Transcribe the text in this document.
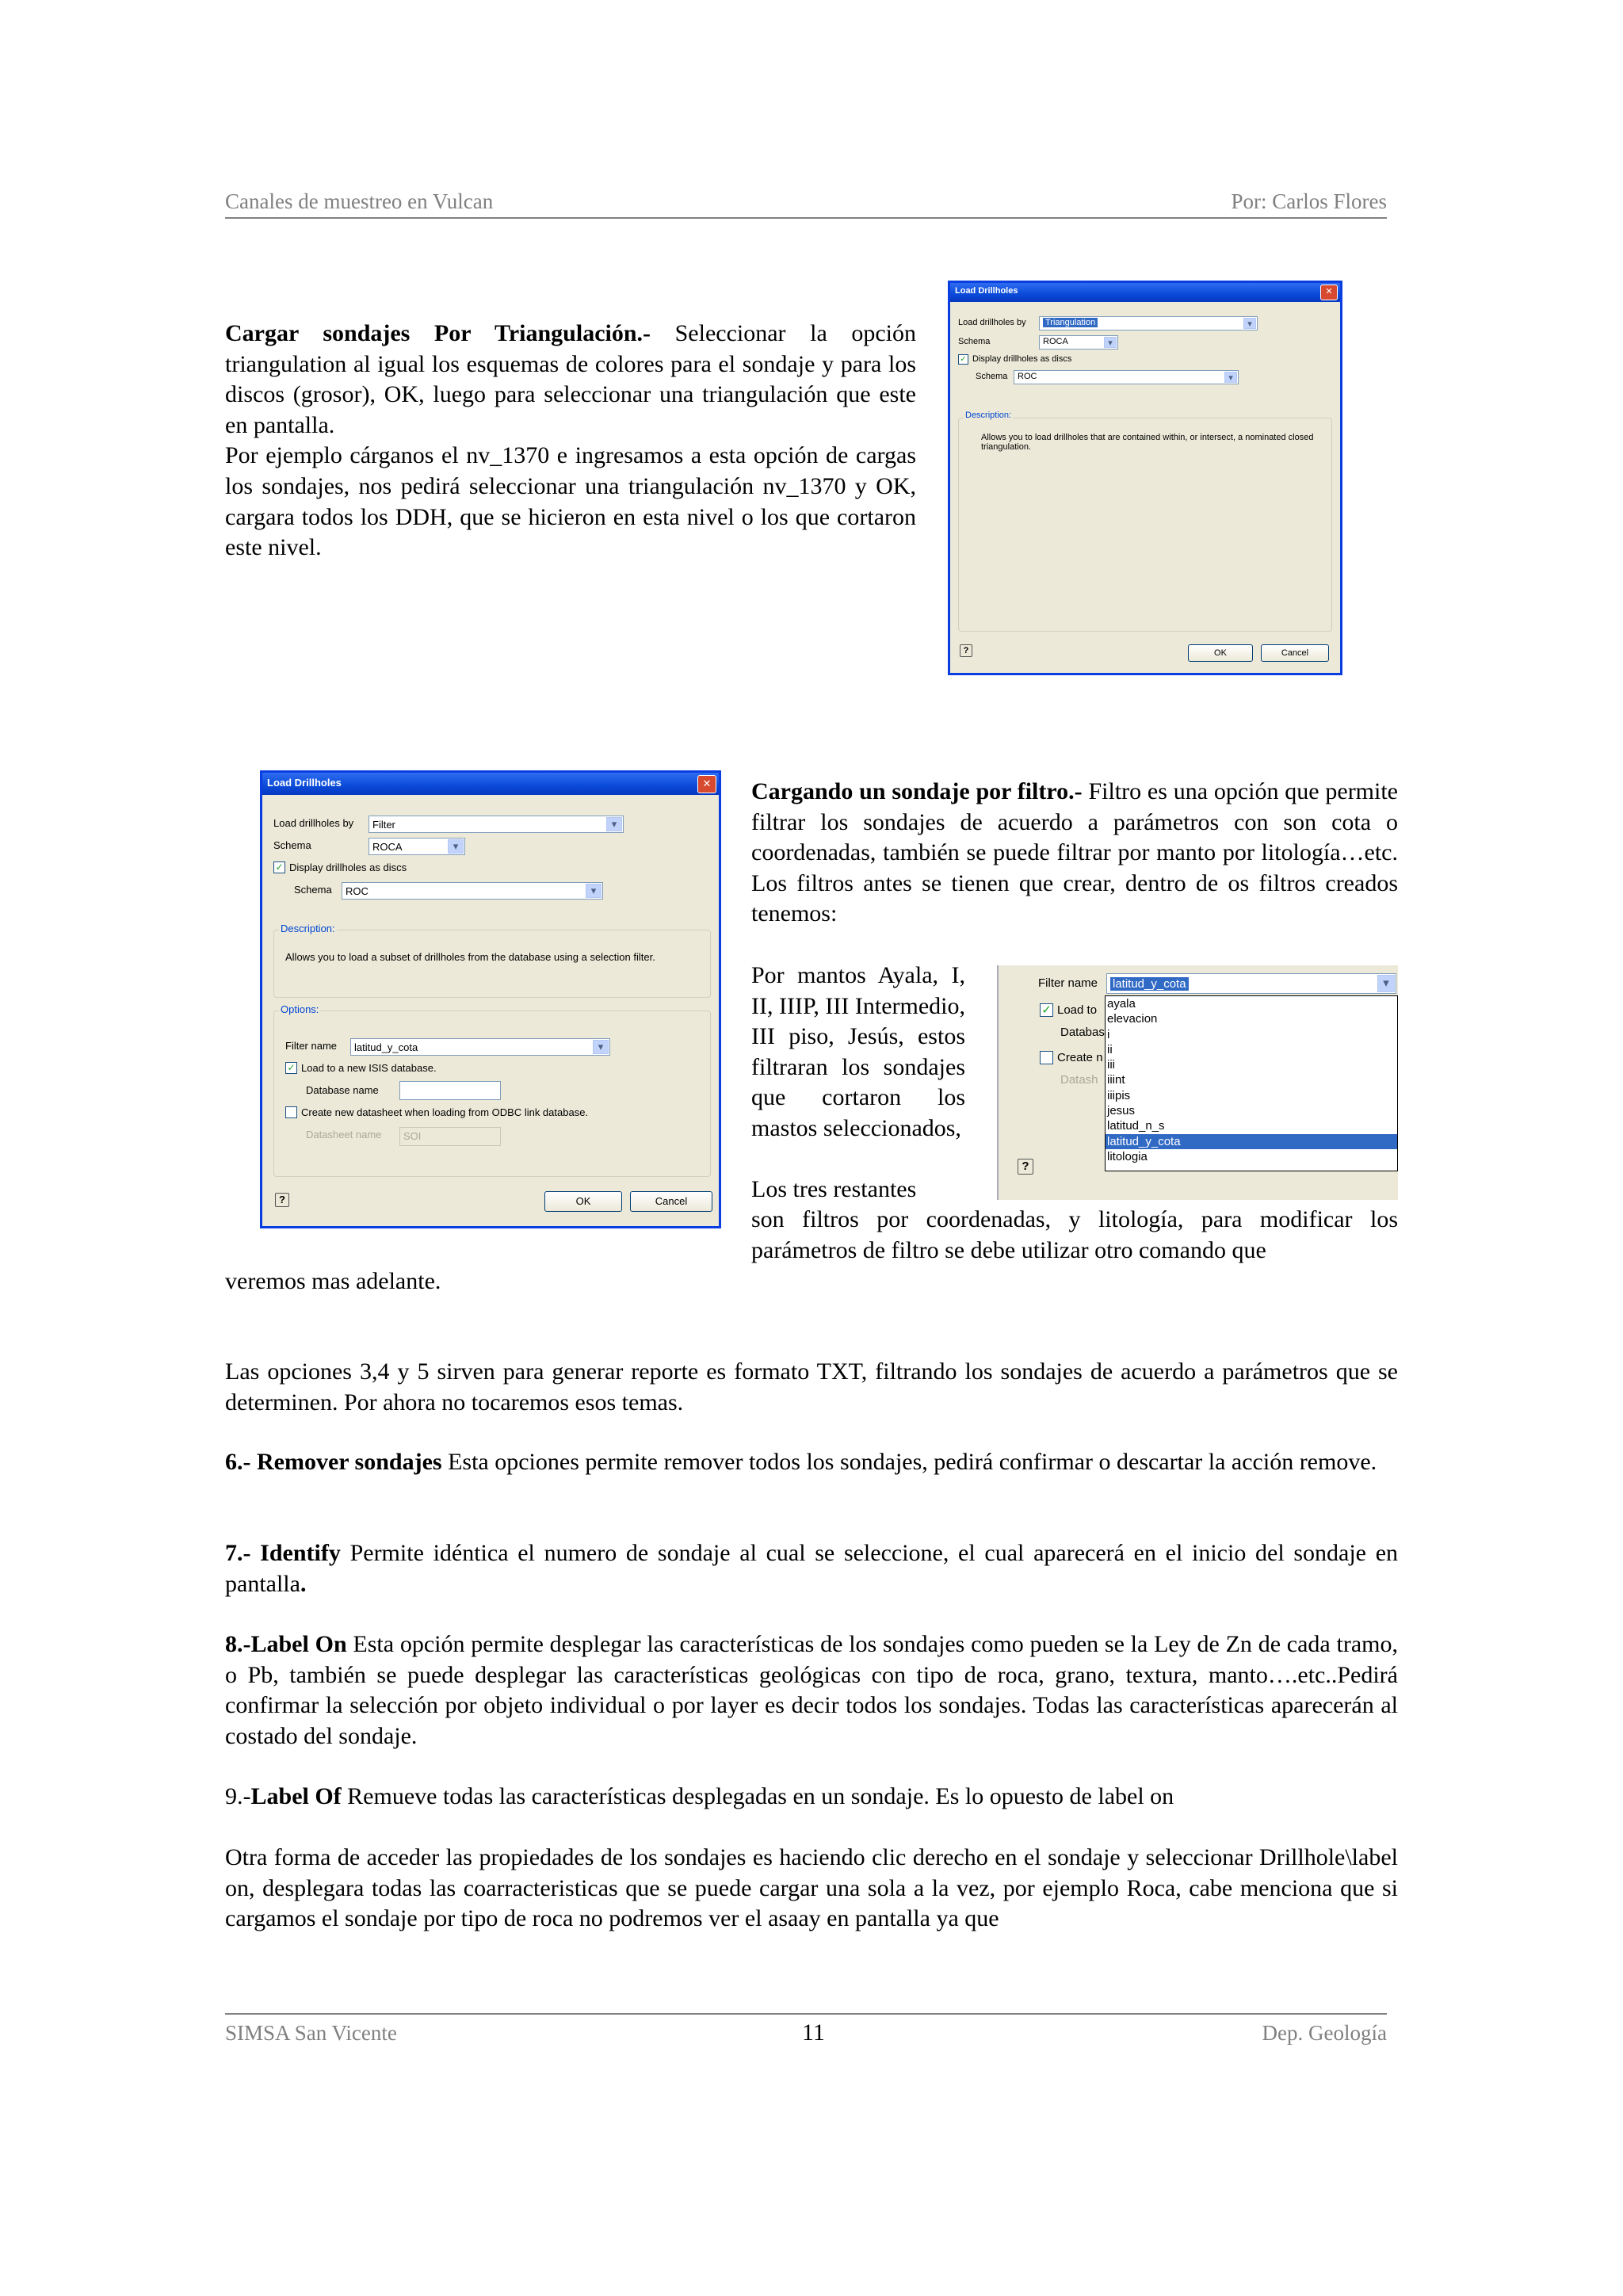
Canales de muestreo en Vulcan	Por: Carlos Flores
Cargar sondajes Por Triangulación.- Seleccionar la opción triangulation al igual los esquemas de colores para el sondaje y para los discos (grosor), OK, luego para seleccionar una triangulación que este en pantalla.
Por ejemplo cárganos el nv_1370 e ingresamos a esta opción de cargas los sondajes, nos pedirá seleccionar una triangulación nv_1370 y OK, cargara todos los DDH, que se hicieron en esta nivel o los que cortaron este nivel.
Load Drillholes	✕
Load drillholes by Triangulation	▾
Schema	ROCA	▾
✓ Display drillholes as discs
Schema ROC	▾
Description:
Allows you to load drillholes that are contained within, or intersect, a nominated closed triangulation.
?	OK	Cancel
Load Drillholes	✕
Load drillholes by Filter	▾
Schema	ROCA	▾
✓ Display drillholes as discs
Schema ROC	▾
Description:
Allows you to load a subset of drillholes from the database using a selection filter.
Options:
Filter name latitud_y_cota	▾
✓ Load to a new ISIS database.
Database name
Create new datasheet when loading from ODBC link database.
Datasheet name SOI
?	OK	Cancel
Cargando un sondaje por filtro.- Filtro es una opción que permite filtrar los sondajes de acuerdo a parámetros con son cota o coordenadas, también se puede filtrar por manto por litología…etc. Los filtros antes se tienen que crear, dentro de os filtros creados tenemos:
Por mantos Ayala, I, II, IIIP, III Intermedio, III piso, Jesús, estos filtraran los sondajes que cortaron los mastos seleccionados,
Los tres restantes
son filtros por coordenadas, y litología, para modificar los parámetros de filtro se debe utilizar otro comando que
veremos mas adelante.
Filter name latitud_y_cota	▾
✓ Load to
Databas
Create n
Datash
?
ayala
elevacion
i
ii
iii
iiint
iiipis
jesus
latitud_n_s
latitud_y_cota
litologia
Las opciones 3,4 y 5 sirven para generar reporte es formato TXT, filtrando los sondajes de acuerdo a parámetros que se determinen. Por ahora no tocaremos esos temas.
6.- Remover sondajes Esta opciones permite remover todos los sondajes, pedirá confirmar o descartar la acción remove.
7.- Identify Permite idéntica el numero de sondaje al cual se seleccione, el cual aparecerá en el inicio del sondaje en pantalla.
8.-Label On Esta opción permite desplegar las características de los sondajes como pueden se la Ley de Zn de cada tramo, o Pb, también se puede desplegar las características geológicas con tipo de roca, grano, textura, manto….etc..Pedirá confirmar la selección por objeto individual o por layer es decir todos los sondajes. Todas las características aparecerán al costado del sondaje.
9.-Label Of Remueve todas las características desplegadas en un sondaje. Es lo opuesto de label on
Otra forma de acceder las propiedades de los sondajes es haciendo clic derecho en el sondaje y seleccionar Drillhole\label on, desplegara todas las coarracteristicas que se puede cargar una sola a la vez, por ejemplo Roca, cabe menciona que si cargamos el sondaje por tipo de roca no podremos ver el asaay en pantalla ya que
SIMSA San Vicente	11	Dep. Geología
